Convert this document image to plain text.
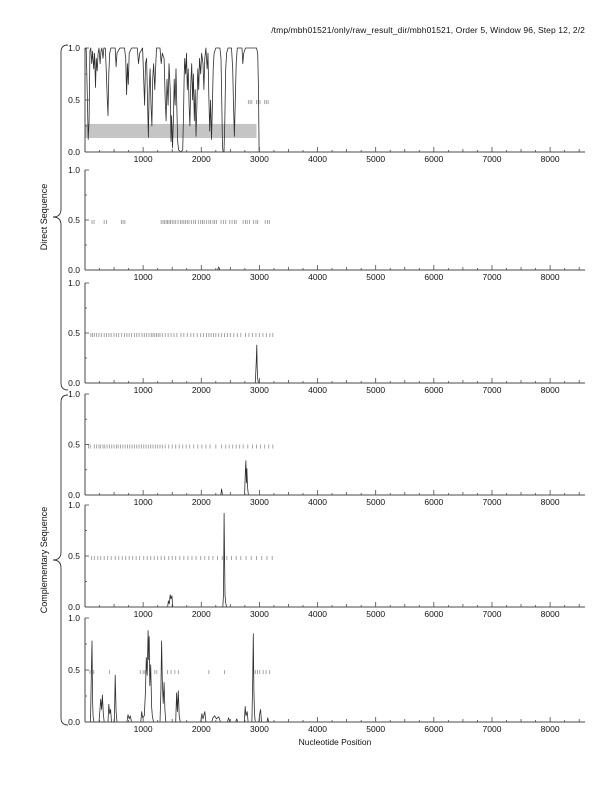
/tmp/mbh01521/only/raw_result_dir/mbh01521, Order 5, Window 96, Step 12, 2/2
Direct Sequence
Complementary Sequence
1000	2000	3000	4000	5000	6000	7000	8000
0.0
0.5
1.0
1000	2000	3000	4000	5000	6000	7000	8000
0.0
0.5
1.0
1000	2000	3000	4000	5000	6000	7000	8000
0.0
0.5
1.0
1000	2000	3000	4000	5000	6000	7000	8000
0.0
0.5
1.0
1000	2000	3000	4000	5000	6000	7000	8000
0.0
0.5
1.0
1000	2000	3000	4000	5000	6000	7000	8000
0.0
0.5
1.0
Nucleotide Position
